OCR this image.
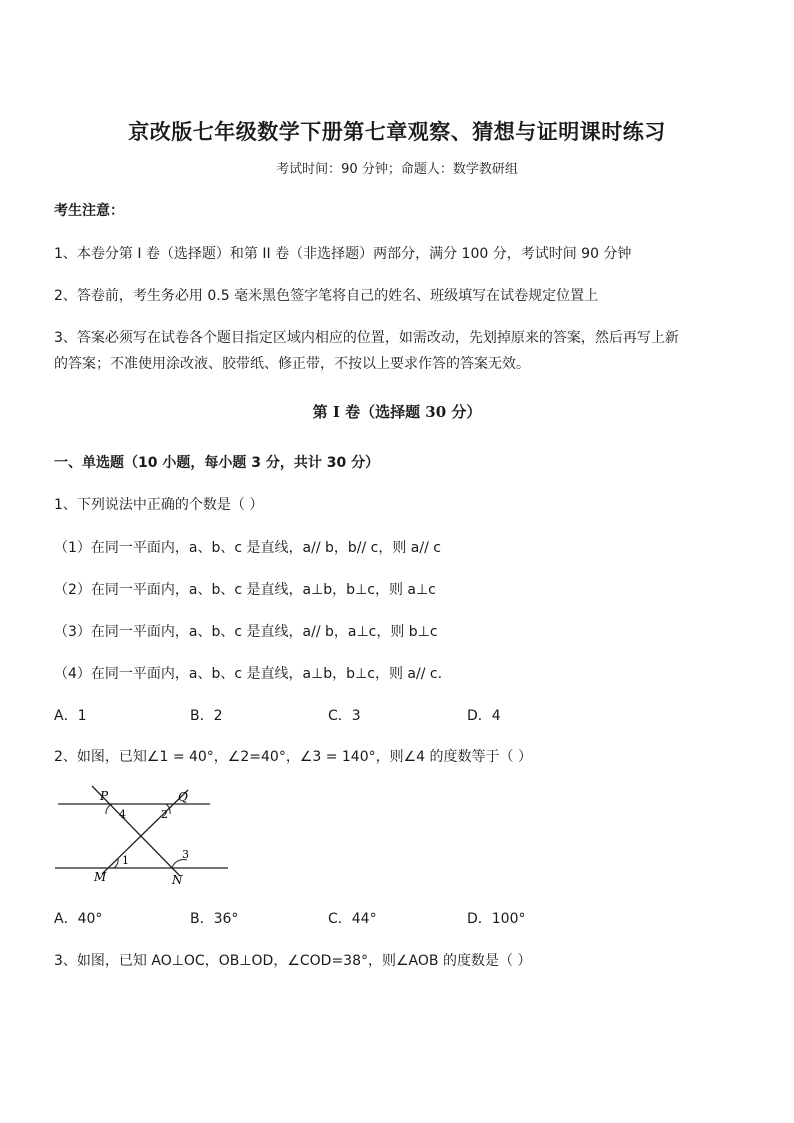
京改版七年级数学下册第七章观察、猜想与证明课时练习
考试时间：90 分钟；命题人：数学教研组
考生注意：
1、本卷分第 I 卷（选择题）和第 II 卷（非选择题）两部分，满分 100 分，考试时间 90 分钟
2、答卷前，考生务必用 0.5 毫米黑色签字笔将自己的姓名、班级填写在试卷规定位置上
3、答案必须写在试卷各个题目指定区域内相应的位置，如需改动，先划掉原来的答案，然后再写上新
的答案；不准使用涂改液、胶带纸、修正带，不按以上要求作答的答案无效。
第 I 卷（选择题 30 分）
一、单选题（10 小题，每小题 3 分，共计 30 分）
1、下列说法中正确的个数是（ ）
（1）在同一平面内，a、b、c 是直线，a// b，b// c，则 a// c
（2）在同一平面内，a、b、c 是直线，a⊥b，b⊥c，则 a⊥c
（3）在同一平面内，a、b、c 是直线，a// b，a⊥c，则 b⊥c
（4）在同一平面内，a、b、c 是直线，a⊥b，b⊥c，则 a// c.
A．1	B．2	C．3	D．4
2、如图，已知∠1 = 40°，∠2=40°，∠3 = 140°，则∠4 的度数等于（ ）
P	Q
M	N
4	2
1	3
A．40°	B．36°	C．44°	D．100°
3、如图，已知 AO⊥OC，OB⊥OD，∠COD=38°，则∠AOB 的度数是（ ）
